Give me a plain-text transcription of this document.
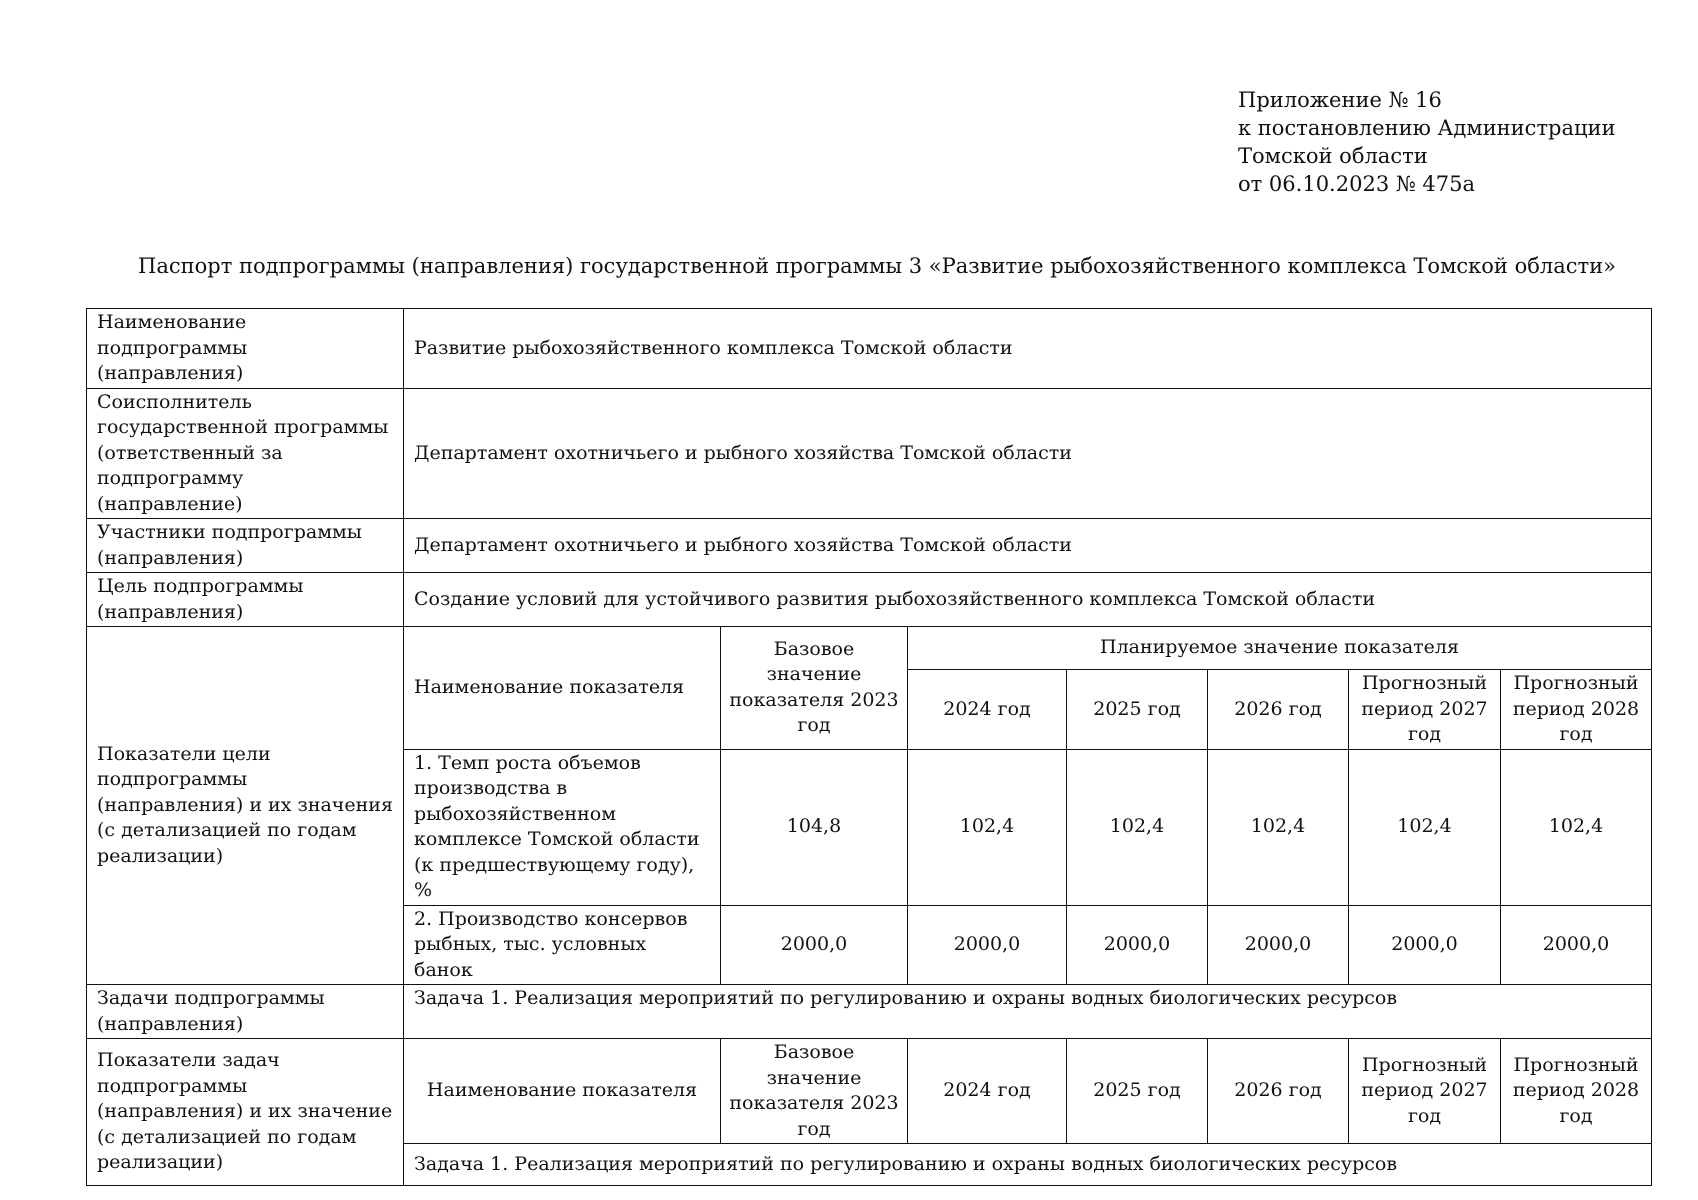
Приложение № 16
к постановлению Администрации
Томской области
от 06.10.2023 № 475а
Паспорт подпрограммы (направления) государственной программы 3 «Развитие рыбохозяйственного комплекса Томской области»
Наименование подпрограммы (направления)	Развитие рыбохозяйственного комплекса Томской области						
Соисполнитель государственной программы (ответственный за подпрограмму (направление)	Департамент охотничьего и рыбного хозяйства Томской области						
Участники подпрограммы (направления)	Департамент охотничьего и рыбного хозяйства Томской области						
Цель подпрограммы (направления)	Создание условий для устойчивого развития рыбохозяйственного комплекса Томской области						
Показатели цели подпрограммы (направления) и их значения (с детализацией по годам реализации)	Наименование показателя	Базовое значение показателя 2023 год	Планируемое значение показателя				
			2024 год	2025 год	2026 год	Прогнозный период 2027 год	Прогнозный период 2028 год
	1. Темп роста объемов производства в рыбохозяйственном комплексе Томской области (к предшествующему году), %	104,8	102,4	102,4	102,4	102,4	102,4
	2. Производство консервов рыбных, тыс. условных банок	2000,0	2000,0	2000,0	2000,0	2000,0	2000,0

Задачи подпрограммы (направления)	Задача 1. Реализация мероприятий по регулированию и охраны водных биологических ресурсов						
Показатели задач подпрограммы (направления) и их значение (с детализацией по годам реализации)	Наименование показателя	Базовое значение показателя 2023 год	2024 год	2025 год	2026 год	Прогнозный период 2027 год	Прогнозный период 2028 год
	Задача 1. Реализация мероприятий по регулированию и охраны водных биологических ресурсов						
